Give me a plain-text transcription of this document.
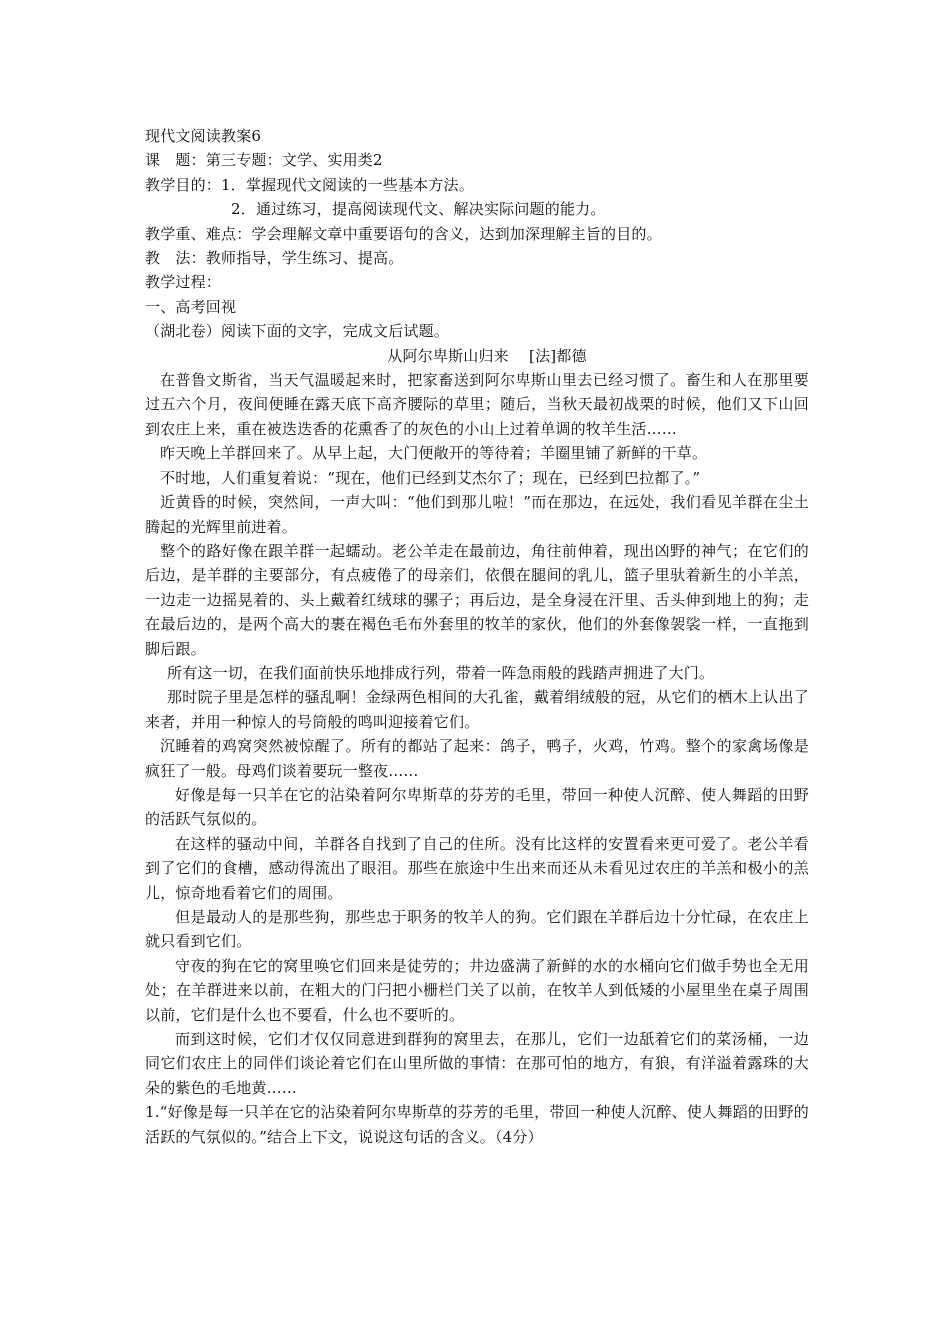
现代文阅读教案6

课　题：第三专题：文学、实用类2

教学目的：1．掌握现代文阅读的一些基本方法。

2．通过练习，提高阅读现代文、解决实际问题的能力。

教学重、难点：学会理解文章中重要语句的含义，达到加深理解主旨的目的。

教　法：教师指导，学生练习、提高。

教学过程：

一、高考回视

（湖北卷）阅读下面的文字，完成文后试题。

从阿尔卑斯山归来　 [法]都德

在普鲁文斯省，当天气温暖起来时，把家畜送到阿尔卑斯山里去已经习惯了。畜生和人在那里要过五六个月，夜间便睡在露天底下高齐腰际的草里；随后，当秋天最初战栗的时候，他们又下山回到农庄上来，重在被迭迭香的花熏香了的灰色的小山上过着单调的牧羊生活……

昨天晚上羊群回来了。从早上起，大门便敞开的等待着；羊圈里铺了新鲜的干草。

不时地，人们重复着说：“现在，他们已经到艾杰尔了；现在，已经到巴拉都了。”

近黄昏的时候，突然间，一声大叫：“他们到那儿啦！”而在那边，在远处，我们看见羊群在尘土腾起的光辉里前进着。

整个的路好像在跟羊群一起蠕动。老公羊走在最前边，角往前伸着，现出凶野的神气；在它们的后边，是羊群的主要部分，有点疲倦了的母亲们，依偎在腿间的乳儿，篮子里驮着新生的小羊羔，一边走一边摇晃着的、头上戴着红绒球的骡子；再后边，是全身浸在汗里、舌头伸到地上的狗；走在最后边的，是两个高大的裹在褐色毛布外套里的牧羊的家伙，他们的外套像袈裟一样，一直拖到脚后跟。

所有这一切，在我们面前快乐地排成行列，带着一阵急雨般的践踏声拥进了大门。

那时院子里是怎样的骚乱啊！金绿两色相间的大孔雀，戴着绢绒般的冠，从它们的栖木上认出了来者，并用一种惊人的号筒般的鸣叫迎接着它们。

沉睡着的鸡窝突然被惊醒了。所有的都站了起来：鸽子，鸭子，火鸡，竹鸡。整个的家禽场像是疯狂了一般。母鸡们谈着要玩一整夜……

好像是每一只羊在它的沾染着阿尔卑斯草的芬芳的毛里，带回一种使人沉醉、使人舞蹈的田野的活跃气氛似的。

在这样的骚动中间，羊群各自找到了自己的住所。没有比这样的安置看来更可爱了。老公羊看到了它们的食槽，感动得流出了眼泪。那些在旅途中生出来而还从未看见过农庄的羊羔和极小的羔儿，惊奇地看着它们的周围。

但是最动人的是那些狗，那些忠于职务的牧羊人的狗。它们跟在羊群后边十分忙碌，在农庄上就只看到它们。

守夜的狗在它的窝里唤它们回来是徒劳的；井边盛满了新鲜的水的水桶向它们做手势也全无用处；在羊群进来以前，在粗大的门闩把小栅栏门关了以前，在牧羊人到低矮的小屋里坐在桌子周围以前，它们是什么也不要看，什么也不要听的。

而到这时候，它们才仅仅同意进到群狗的窝里去，在那儿，它们一边舐着它们的菜汤桶，一边同它们农庄上的同伴们谈论着它们在山里所做的事情：在那可怕的地方，有狼，有洋溢着露珠的大朵的紫色的毛地黄……

1.“好像是每一只羊在它的沾染着阿尔卑斯草的芬芳的毛里，带回一种使人沉醉、使人舞蹈的田野的活跃的气氛似的。”结合上下文，说说这句话的含义。（4分）
